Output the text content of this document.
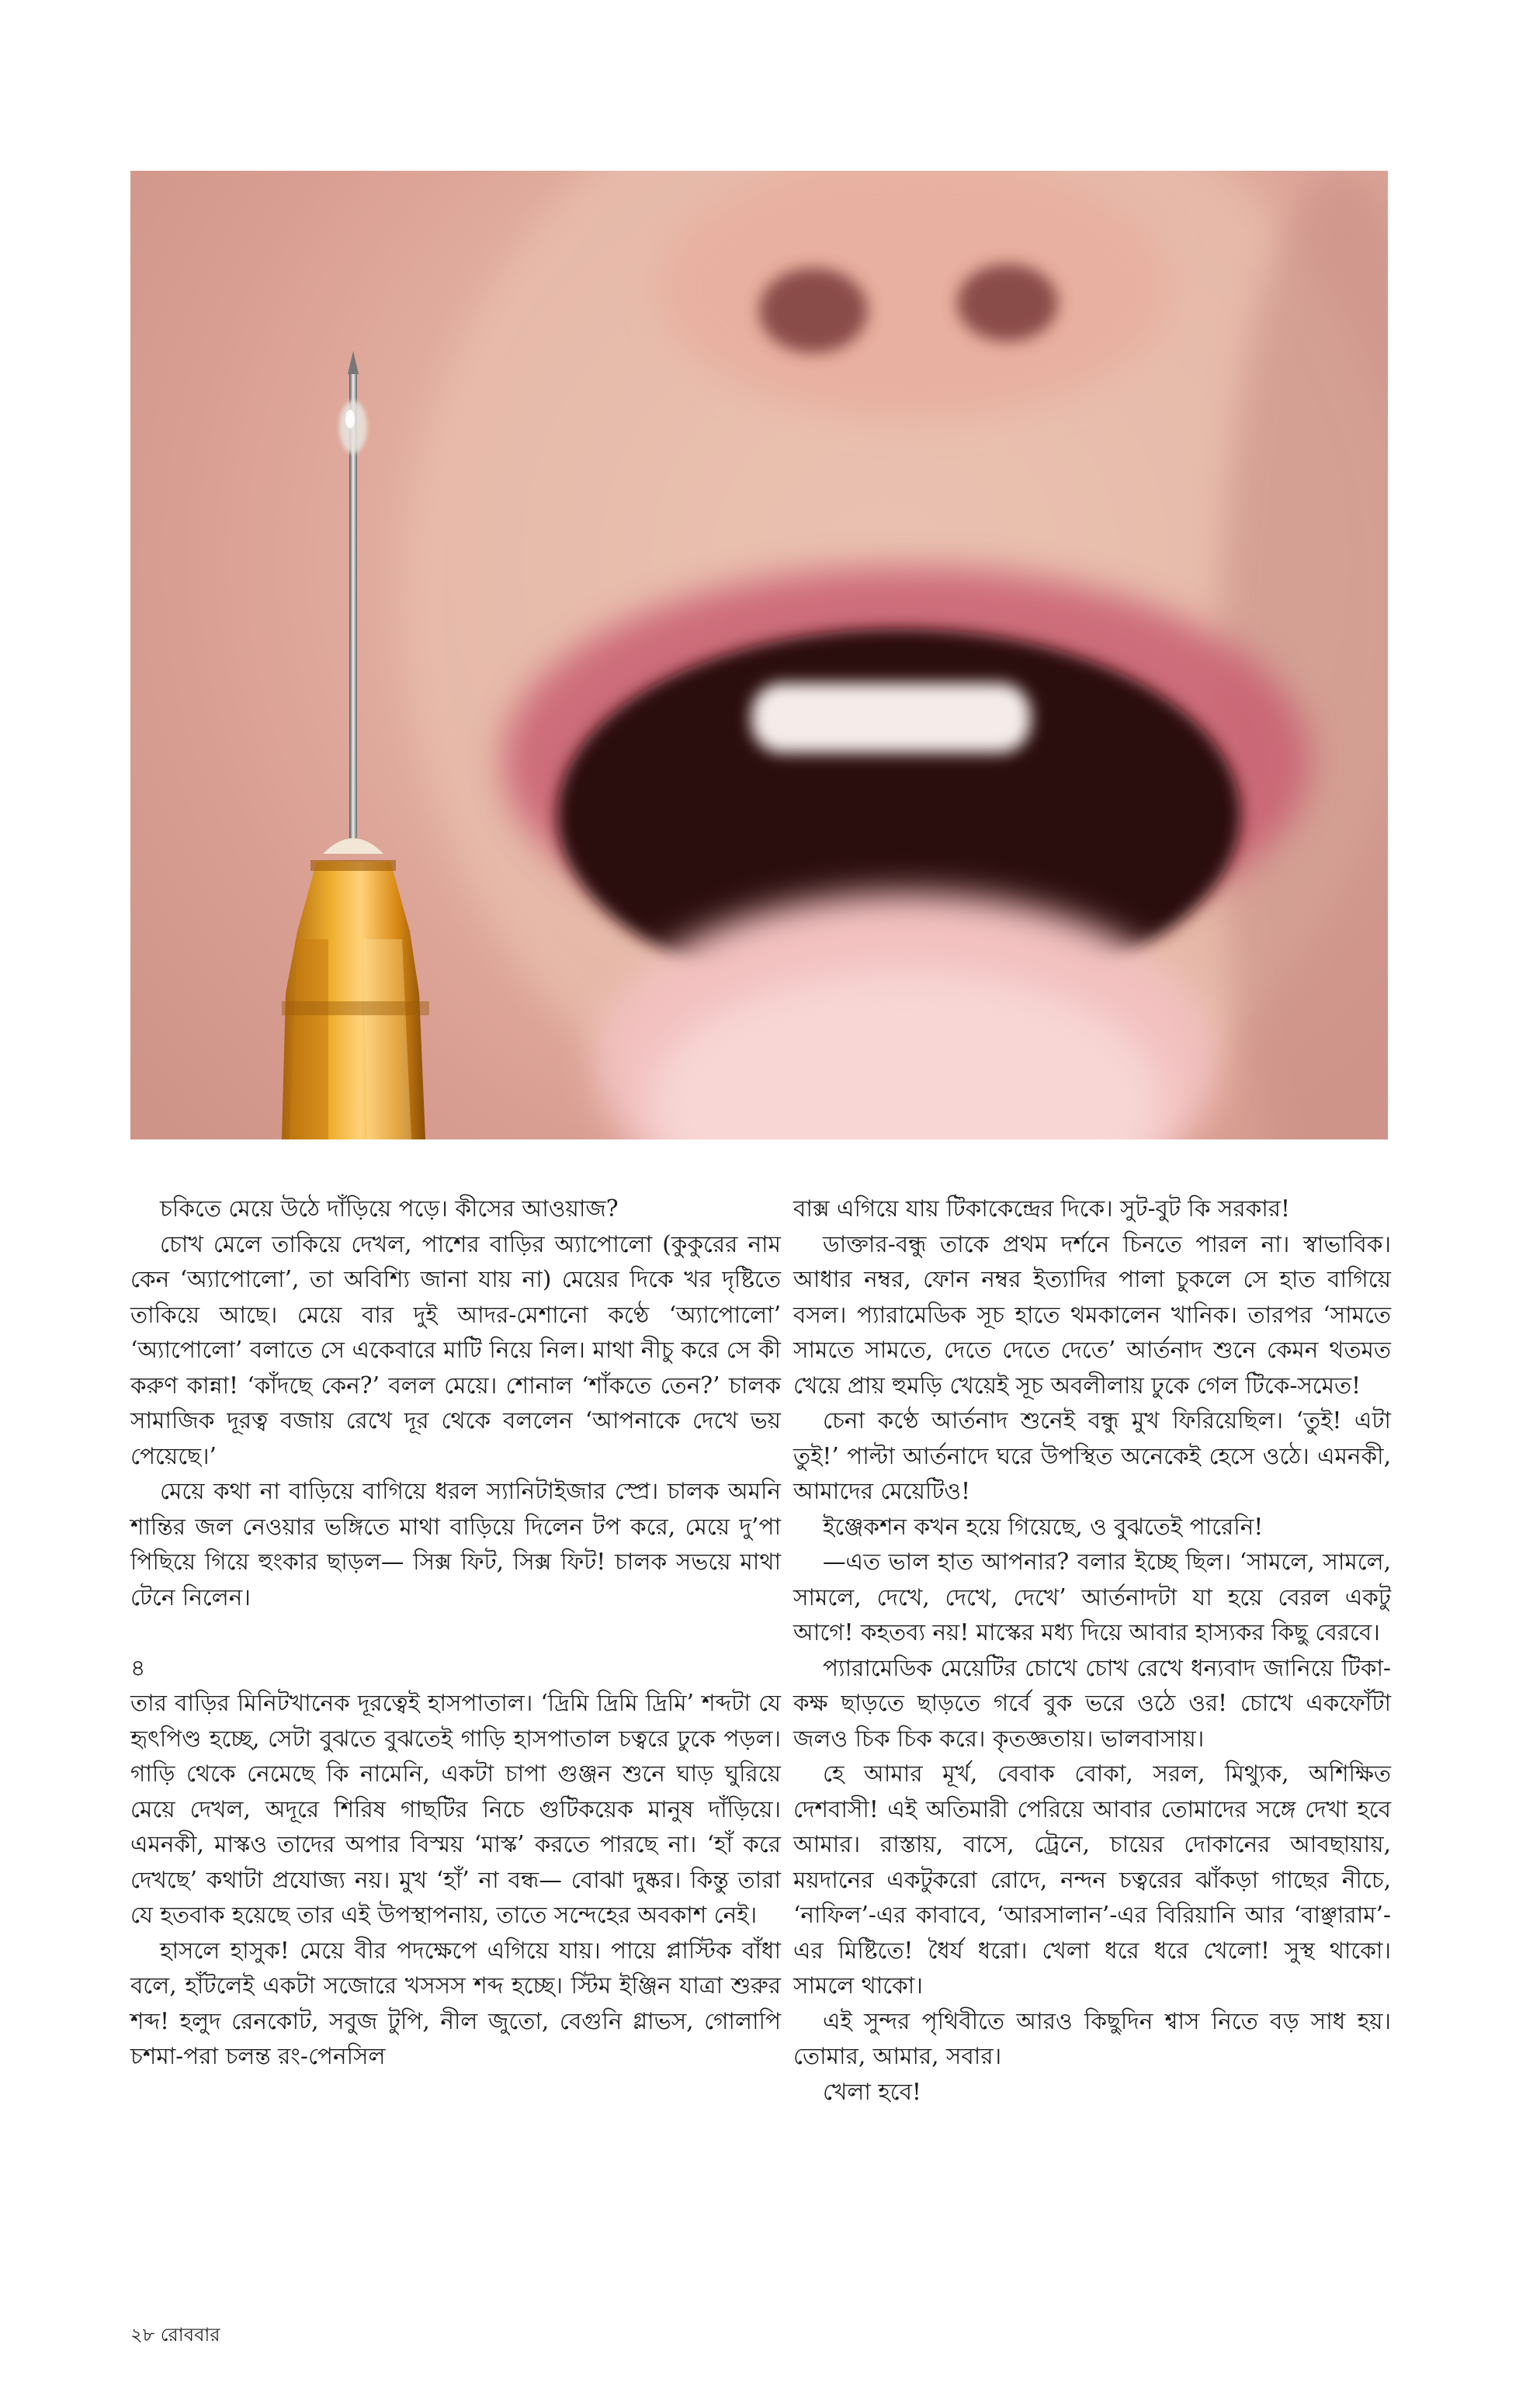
চকিতে মেয়ে উঠে দাঁড়িয়ে পড়ে। কীসের আওয়াজ?

চোখ মেলে তাকিয়ে দেখল, পাশের বাড়ির অ্যাপোলো (কুকুরের নাম কেন ‘অ্যাপোলো’, তা অবিশ্যি জানা যায় না) মেয়ের দিকে খর দৃষ্টিতে তাকিয়ে আছে। মেয়ে বার দুই আদর-মেশানো কণ্ঠে ‘অ্যাপোলো’ ‘অ্যাপোলো’ বলাতে সে একেবারে মাটি নিয়ে নিল। মাথা নীচু করে সে কী করুণ কান্না! ‘কাঁদছে কেন?’ বলল মেয়ে। শোনাল ‘শাঁকতে তেন?’ চালক সামাজিক দূরত্ব বজায় রেখে দূর থেকে বললেন ‘আপনাকে দেখে ভয় পেয়েছে।’

মেয়ে কথা না বাড়িয়ে বাগিয়ে ধরল স্যানিটাইজার স্প্রে। চালক অমনি শান্তির জল নেওয়ার ভঙ্গিতে মাথা বাড়িয়ে দিলেন টপ করে, মেয়ে দু’পা পিছিয়ে গিয়ে হুংকার ছাড়ল— সিক্স ফিট, সিক্স ফিট! চালক সভয়ে মাথা টেনে নিলেন।

৪

তার বাড়ির মিনিটখানেক দূরত্বেই হাসপাতাল। ‘দ্রিমি দ্রিমি দ্রিমি’ শব্দটা যে হৃৎপিণ্ড হচ্ছে, সেটা বুঝতে বুঝতেই গাড়ি হাসপাতাল চত্বরে ঢুকে পড়ল। গাড়ি থেকে নেমেছে কি নামেনি, একটা চাপা গুঞ্জন শুনে ঘাড় ঘুরিয়ে মেয়ে দেখল, অদূরে শিরিষ গাছটির নিচে গুটিকয়েক মানুষ দাঁড়িয়ে। এমনকী, মাস্কও তাদের অপার বিস্ময় ‘মাস্ক’ করতে পারছে না। ‘হাঁ করে দেখছে’ কথাটা প্রযোজ্য নয়। মুখ ‘হাঁ’ না বন্ধ— বোঝা দুষ্কর। কিন্তু তারা যে হতবাক হয়েছে তার এই উপস্থাপনায়, তাতে সন্দেহের অবকাশ নেই।

হাসলে হাসুক! মেয়ে বীর পদক্ষেপে এগিয়ে যায়। পায়ে প্লাস্টিক বাঁধা বলে, হাঁটলেই একটা সজোরে খসসস শব্দ হচ্ছে। স্টিম ইঞ্জিন যাত্রা শুরুর শব্দ! হলুদ রেনকোট, সবুজ টুপি, নীল জুতো, বেগুনি গ্লাভস, গোলাপি চশমা-পরা চলন্ত রং-পেনসিল

বাক্স এগিয়ে যায় টিকাকেন্দ্রের দিকে। সুট-বুট কি সরকার!

ডাক্তার-বন্ধু তাকে প্রথম দর্শনে চিনতে পারল না। স্বাভাবিক। আধার নম্বর, ফোন নম্বর ইত্যাদির পালা চুকলে সে হাত বাগিয়ে বসল। প্যারামেডিক সূচ হাতে থমকালেন খানিক। তারপর ‘সামতে সামতে সামতে, দেতে দেতে দেতে’ আর্তনাদ শুনে কেমন থতমত খেয়ে প্রায় হুমড়ি খেয়েই সূচ অবলীলায় ঢুকে গেল টিকে-সমেত!

চেনা কণ্ঠে আর্তনাদ শুনেই বন্ধু মুখ ফিরিয়েছিল। ‘তুই! এটা তুই!’ পাল্টা আর্তনাদে ঘরে উপস্থিত অনেকেই হেসে ওঠে। এমনকী, আমাদের মেয়েটিও!

ইঞ্জেকশন কখন হয়ে গিয়েছে, ও বুঝতেই পারেনি!

—এত ভাল হাত আপনার? বলার ইচ্ছে ছিল। ‘সামলে, সামলে, সামলে, দেখে, দেখে, দেখে’ আর্তনাদটা যা হয়ে বেরল একটু আগে! কহতব্য নয়! মাস্কের মধ্য দিয়ে আবার হাস্যকর কিছু বেরবে।

প্যারামেডিক মেয়েটির চোখে চোখ রেখে ধন্যবাদ জানিয়ে টিকা-কক্ষ ছাড়তে ছাড়তে গর্বে বুক ভরে ওঠে ওর! চোখে একফোঁটা জলও চিক চিক করে। কৃতজ্ঞতায়। ভালবাসায়।

হে আমার মূর্খ, বেবাক বোকা, সরল, মিথ্যুক, অশিক্ষিত দেশবাসী! এই অতিমারী পেরিয়ে আবার তোমাদের সঙ্গে দেখা হবে আমার। রাস্তায়, বাসে, ট্রেনে, চায়ের দোকানের আবছায়ায়, ময়দানের একটুকরো রোদে, নন্দন চত্বরের ঝাঁকড়া গাছের নীচে, ‘নাফিল’-এর কাবাবে, ‘আরসালান’-এর বিরিয়ানি আর ‘বাঞ্ছারাম’-এর মিষ্টিতে! ধৈর্য ধরো। খেলা ধরে ধরে খেলো! সুস্থ থাকো। সামলে থাকো।

এই সুন্দর পৃথিবীতে আরও কিছুদিন শ্বাস নিতে বড় সাধ হয়। তোমার, আমার, সবার।

খেলা হবে!

২৮ রোববার
